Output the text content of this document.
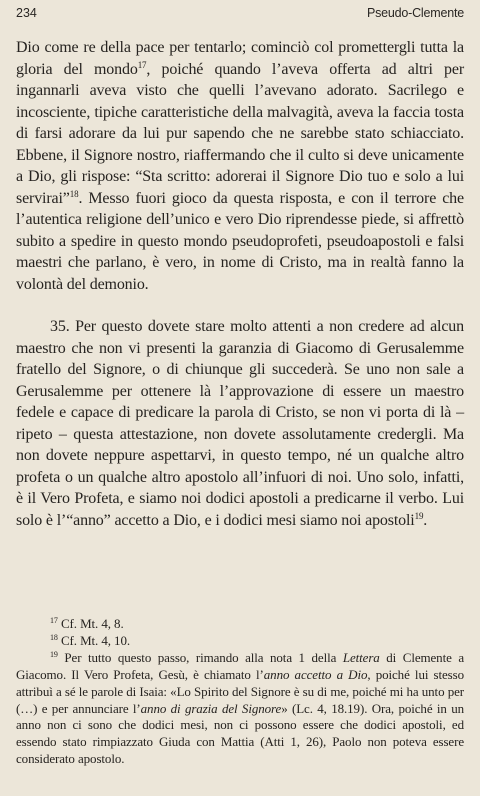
234	Pseudo-Clemente

Dio come re della pace per tentarlo; cominciò col promettergli tutta la gloria del mondo$^{17}$, poiché quando l’aveva offerta ad altri per ingannarli aveva visto che quelli l’avevano adorato. Sacrilego e incosciente, tipiche caratteristiche della malvagità, aveva la faccia tosta di farsi adorare da lui pur sapendo che ne sarebbe stato schiacciato. Ebbene, il Signore nostro, riaffermando che il culto si deve unicamente a Dio, gli rispose: “Sta scritto: adorerai il Signore Dio tuo e solo a lui servirai”$^{18}$. Messo fuori gioco da questa risposta, e con il terrore che l’autentica religione dell’unico e vero Dio riprendesse piede, si affrettò subito a spedire in questo mondo pseudoprofeti, pseudoapostoli e falsi maestri che parlano, è vero, in nome di Cristo, ma in realtà fanno la volontà del demonio.

35. Per questo dovete stare molto attenti a non credere ad alcun maestro che non vi presenti la garanzia di Giacomo di Gerusalemme fratello del Signore, o di chiunque gli succederà. Se uno non sale a Gerusalemme per ottenere là l’approvazione di essere un maestro fedele e capace di predicare la parola di Cristo, se non vi porta di là – ripeto – questa attestazione, non dovete assolutamente credergli. Ma non dovete neppure aspettarvi, in questo tempo, né un qualche altro profeta o un qualche altro apostolo all’infuori di noi. Uno solo, infatti, è il Vero Profeta, e siamo noi dodici apostoli a predicarne il verbo. Lui solo è l’“anno” accetto a Dio, e i dodici mesi siamo noi apostoli$^{19}$.

$^{17}$ Cf. Mt. 4, 8.

$^{18}$ Cf. Mt. 4, 10.

$^{19}$ Per tutto questo passo, rimando alla nota 1 della Lettera di Clemente a Giacomo. Il Vero Profeta, Gesù, è chiamato l’anno accetto a Dio, poiché lui stesso attribuì a sé le parole di Isaia: «Lo Spirito del Signore è su di me, poiché mi ha unto per (…) e per annunciare l’anno di grazia del Signore» (Lc. 4, 18.19). Ora, poiché in un anno non ci sono che dodici mesi, non ci possono essere che dodici apostoli, ed essendo stato rimpiazzato Giuda con Mattia (Atti 1, 26), Paolo non poteva essere considerato apostolo.
